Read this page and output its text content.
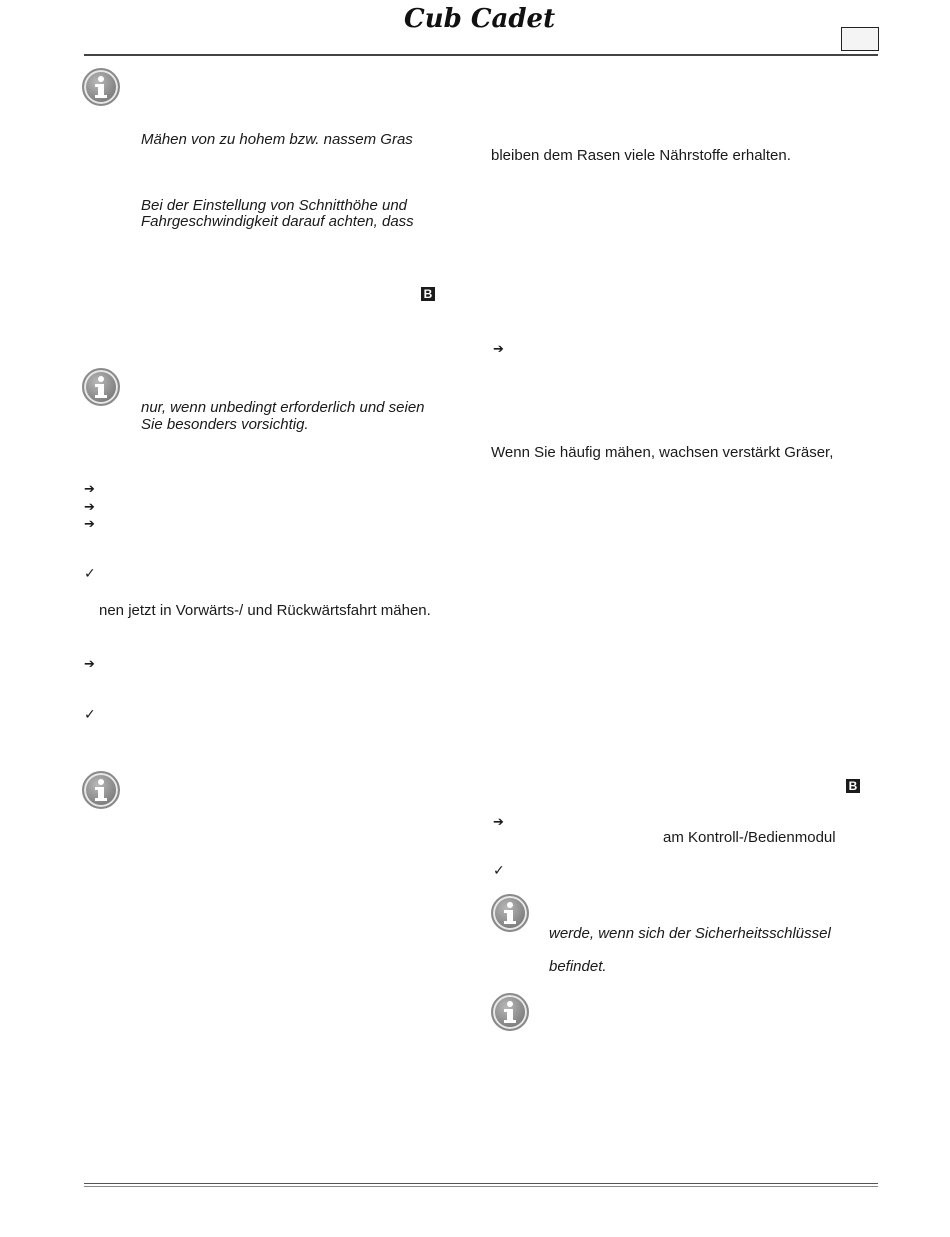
Cub Cadet
Mähen von zu hohem bzw. nassem Gras
Bei der Einstellung von Schnitthöhe und
Fahrgeschwindigkeit darauf achten, dass
B
nur, wenn unbedingt erforderlich und seien
Sie besonders vorsichtig.
➔
➔
➔
✓
nen jetzt in Vorwärts-/ und Rückwärtsfahrt mähen.
➔
✓
bleiben dem Rasen viele Nährstoffe erhalten.
➔
Wenn Sie häufig mähen, wachsen verstärkt Gräser,
B
➔
am Kontroll-/Bedienmodul
✓
werde, wenn sich der Sicherheitsschlüssel
befindet.
